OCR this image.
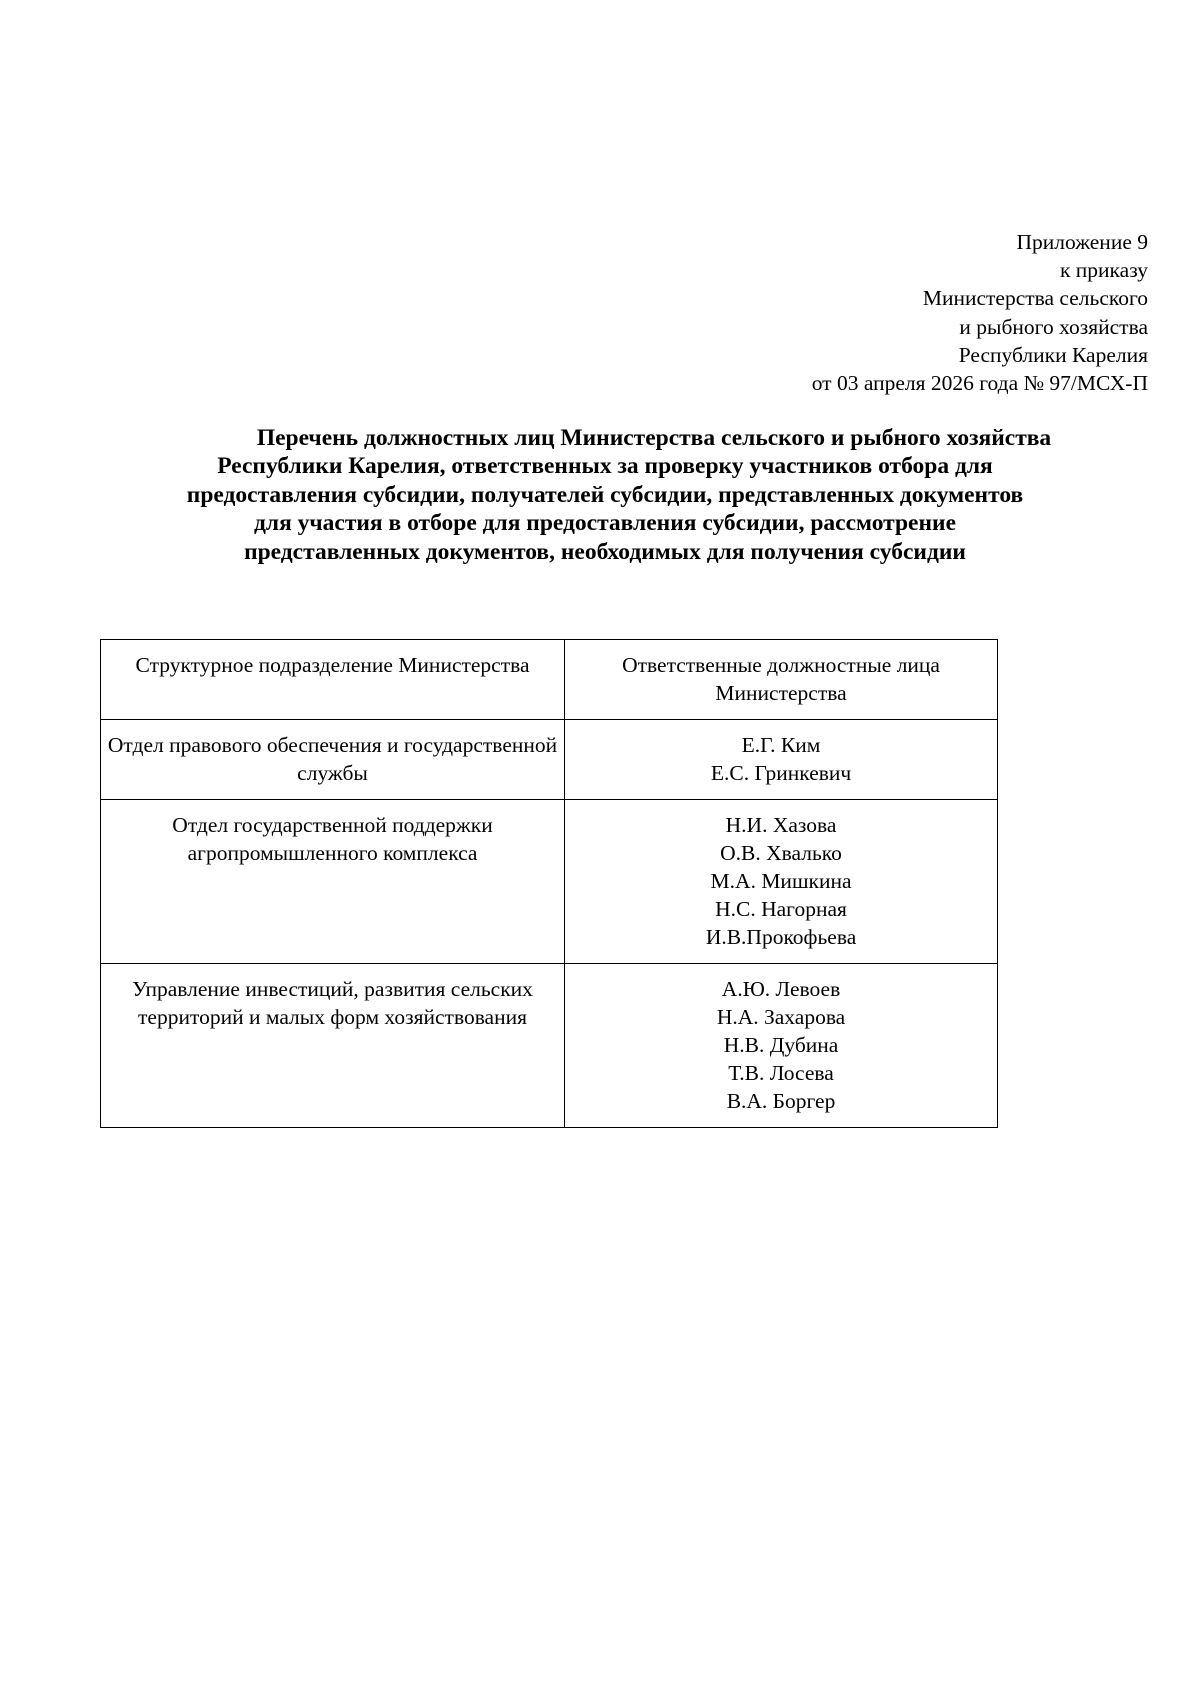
Приложение 9
к приказу
Министерства сельского
и рыбного хозяйства
Республики Карелия
от 03 апреля 2026 года № 97/МСХ-П
Перечень должностных лиц Министерства сельского и рыбного хозяйства
Республики Карелия, ответственных за проверку участников отбора для
предоставления субсидии, получателей субсидии, представленных документов
для участия в отборе для предоставления субсидии, рассмотрение
представленных документов, необходимых для получения субсидии
Структурное подразделение Министерства	Ответственные должностные лица Министерства
Отдел правового обеспечения и государственной службы	Е.Г. Ким
Е.С. Гринкевич

Отдел государственной поддержки агропромышленного комплекса	Н.И. Хазова
О.В. Хвалько
М.А. Мишкина
Н.С. Нагорная
И.В.Прокофьева

Управление инвестиций, развития сельских территорий и малых форм хозяйствования	А.Ю. Левоев
Н.А. Захарова
Н.В. Дубина
Т.В. Лосева
В.А. Боргер
